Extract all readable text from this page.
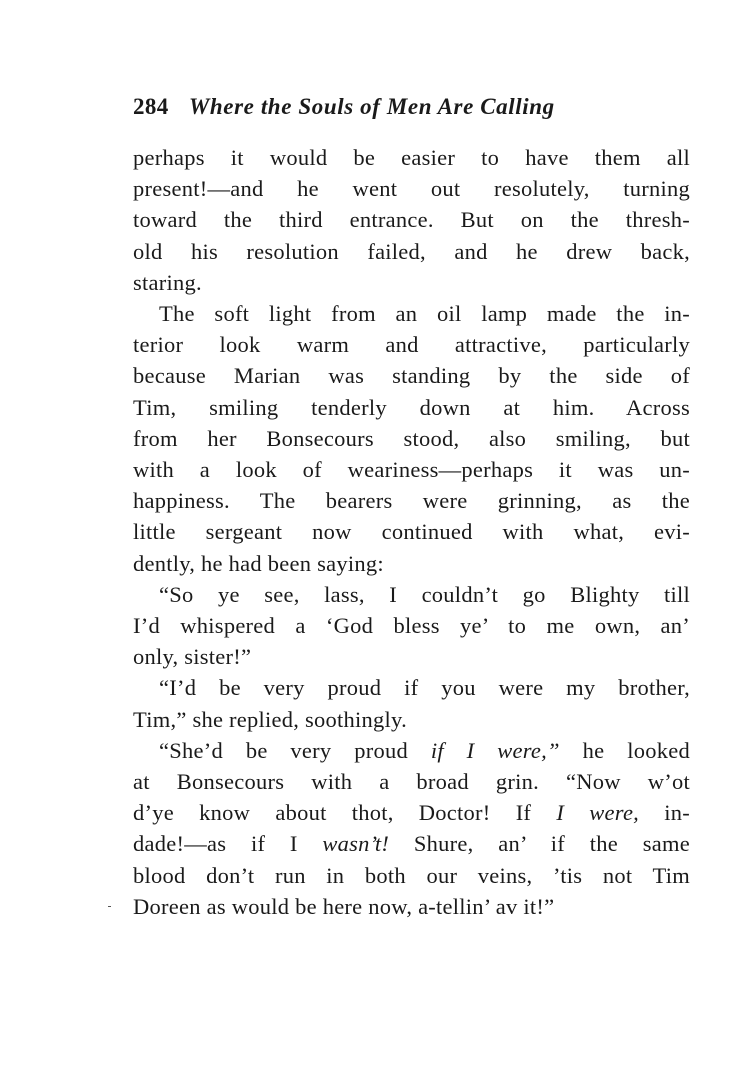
284 Where the Souls of Men Are Calling
perhaps it would be easier to have them all
present!—and he went out resolutely, turning
toward the third entrance. But on the thresh-
old his resolution failed, and he drew back,
staring.
The soft light from an oil lamp made the in-
terior look warm and attractive, particularly
because Marian was standing by the side of
Tim, smiling tenderly down at him. Across
from her Bonsecours stood, also smiling, but
with a look of weariness—perhaps it was un-
happiness. The bearers were grinning, as the
little sergeant now continued with what, evi-
dently, he had been saying:
“So ye see, lass, I couldn’t go Blighty till
I’d whispered a ‘God bless ye’ to me own, an’
only, sister!”
“I’d be very proud if you were my brother,
Tim,” she replied, soothingly.
“She’d be very proud if I were,” he looked
at Bonsecours with a broad grin. “Now w’ot
d’ye know about thot, Doctor! If I were, in-
dade!—as if I wasn’t! Shure, an’ if the same
blood don’t run in both our veins, ’tis not Tim
Doreen as would be here now, a-tellin’ av it!”
